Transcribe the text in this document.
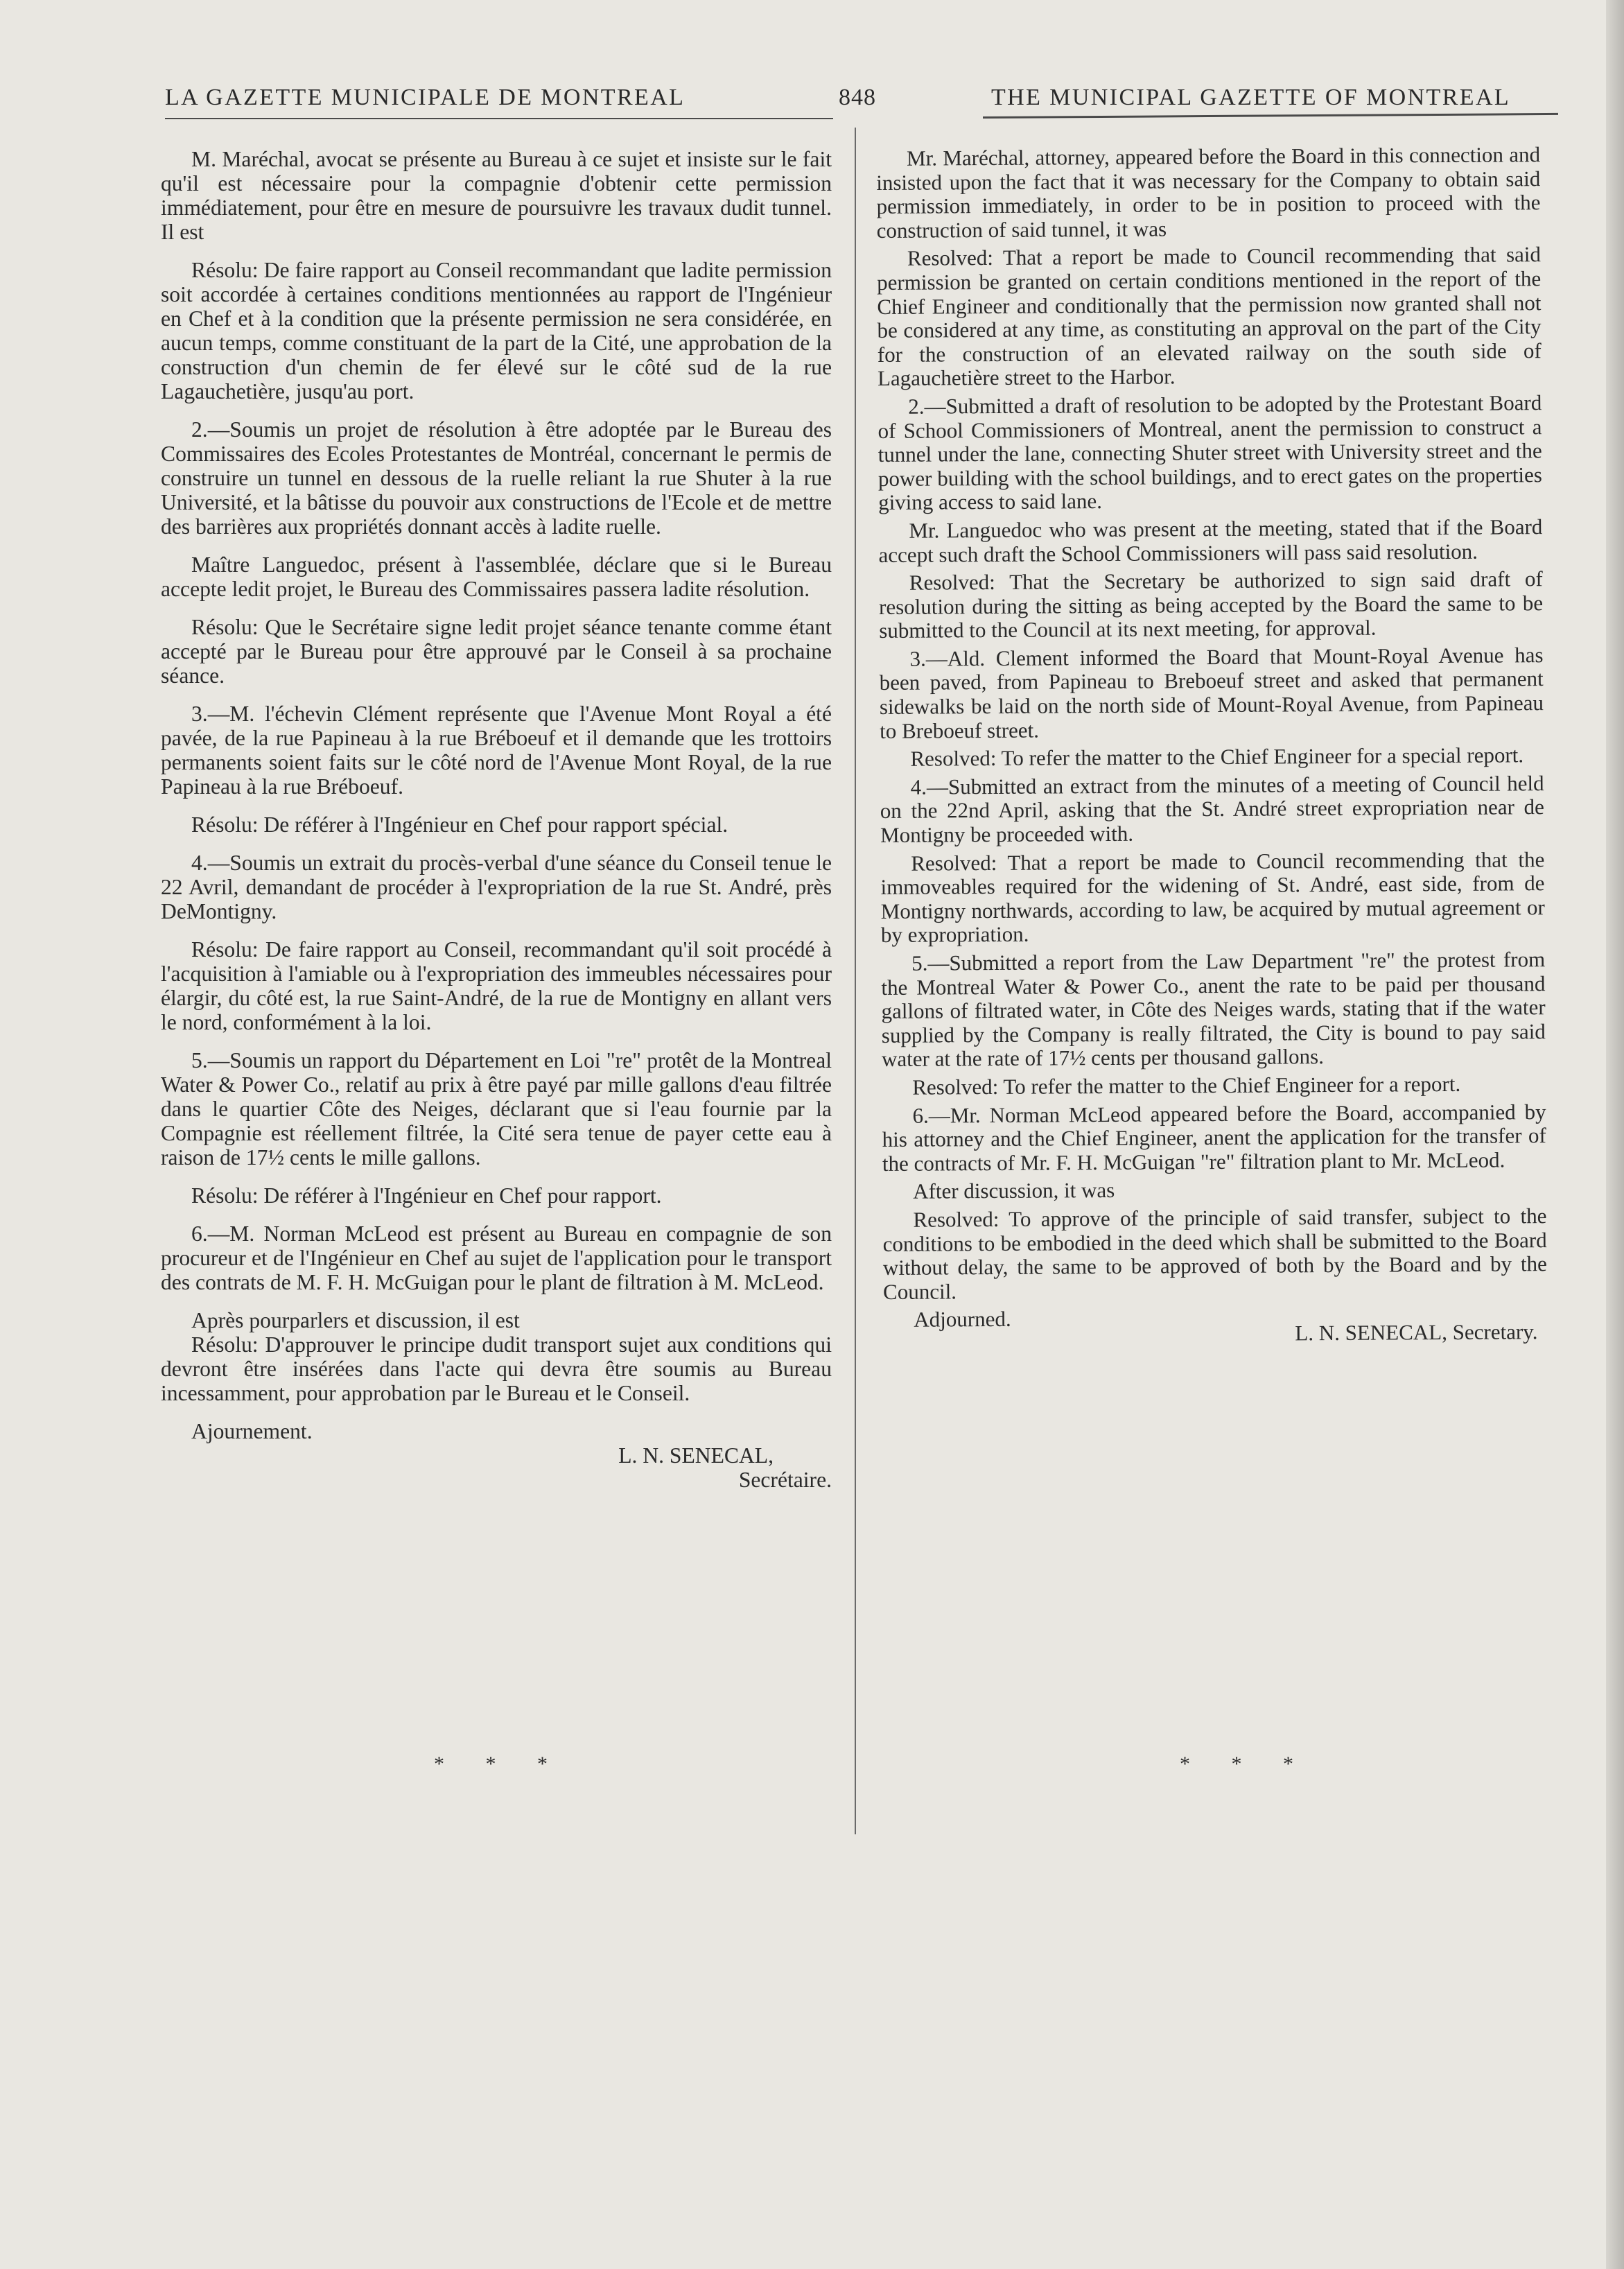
LA GAZETTE MUNICIPALE DE MONTREAL	848	THE MUNICIPAL GAZETTE OF MONTREAL

M. Maréchal, avocat se présente au Bureau à ce sujet et insiste sur le fait qu'il est nécessaire pour la compagnie d'obtenir cette permission immédiatement, pour être en mesure de poursuivre les travaux dudit tunnel. Il est

Résolu: De faire rapport au Conseil recommandant que ladite permission soit accordée à certaines conditions mentionnées au rapport de l'Ingénieur en Chef et à la condition que la présente permission ne sera considérée, en aucun temps, comme constituant de la part de la Cité, une approbation de la construction d'un chemin de fer élevé sur le côté sud de la rue Lagauchetière, jusqu'au port.

2.—Soumis un projet de résolution à être adoptée par le Bureau des Commissaires des Ecoles Protestantes de Montréal, concernant le permis de construire un tunnel en dessous de la ruelle reliant la rue Shuter à la rue Université, et la bâtisse du pouvoir aux constructions de l'Ecole et de mettre des barrières aux propriétés donnant accès à ladite ruelle.

Maître Languedoc, présent à l'assemblée, déclare que si le Bureau accepte ledit projet, le Bureau des Commissaires passera ladite résolution.

Résolu: Que le Secrétaire signe ledit projet séance tenante comme étant accepté par le Bureau pour être approuvé par le Conseil à sa prochaine séance.

3.—M. l'échevin Clément représente que l'Avenue Mont Royal a été pavée, de la rue Papineau à la rue Bréboeuf et il demande que les trottoirs permanents soient faits sur le côté nord de l'Avenue Mont Royal, de la rue Papineau à la rue Bréboeuf.

Résolu: De référer à l'Ingénieur en Chef pour rapport spécial.

4.—Soumis un extrait du procès-verbal d'une séance du Conseil tenue le 22 Avril, demandant de procéder à l'expropriation de la rue St. André, près DeMontigny.

Résolu: De faire rapport au Conseil, recommandant qu'il soit procédé à l'acquisition à l'amiable ou à l'expropriation des immeubles nécessaires pour élargir, du côté est, la rue Saint-André, de la rue de Montigny en allant vers le nord, conformément à la loi.

5.—Soumis un rapport du Département en Loi "re" protêt de la Montreal Water & Power Co., relatif au prix à être payé par mille gallons d'eau filtrée dans le quartier Côte des Neiges, déclarant que si l'eau fournie par la Compagnie est réellement filtrée, la Cité sera tenue de payer cette eau à raison de 17½ cents le mille gallons.

Résolu: De référer à l'Ingénieur en Chef pour rapport.

6.—M. Norman McLeod est présent au Bureau en compagnie de son procureur et de l'Ingénieur en Chef au sujet de l'application pour le transport des contrats de M. F. H. McGuigan pour le plant de filtration à M. McLeod.

Après pourparlers et discussion, il est

Résolu: D'approuver le principe dudit transport sujet aux conditions qui devront être insérées dans l'acte qui devra être soumis au Bureau incessamment, pour approbation par le Bureau et le Conseil.

Ajournement.

L. N. SENECAL,
Secrétaire.
* * *

Mr. Maréchal, attorney, appeared before the Board in this connection and insisted upon the fact that it was necessary for the Company to obtain said permission immediately, in order to be in position to proceed with the construction of said tunnel, it was

Resolved: That a report be made to Council recommending that said permission be granted on certain conditions mentioned in the report of the Chief Engineer and conditionally that the permission now granted shall not be considered at any time, as constituting an approval on the part of the City for the construction of an elevated railway on the south side of Lagauchetière street to the Harbor.

2.—Submitted a draft of resolution to be adopted by the Protestant Board of School Commissioners of Montreal, anent the permission to construct a tunnel under the lane, connecting Shuter street with University street and the power building with the school buildings, and to erect gates on the properties giving access to said lane.

Mr. Languedoc who was present at the meeting, stated that if the Board accept such draft the School Commissioners will pass said resolution.

Resolved: That the Secretary be authorized to sign said draft of resolution during the sitting as being accepted by the Board the same to be submitted to the Council at its next meeting, for approval.

3.—Ald. Clement informed the Board that Mount-Royal Avenue has been paved, from Papineau to Breboeuf street and asked that permanent sidewalks be laid on the north side of Mount-Royal Avenue, from Papineau to Breboeuf street.

Resolved: To refer the matter to the Chief Engineer for a special report.

4.—Submitted an extract from the minutes of a meeting of Council held on the 22nd April, asking that the St. André street expropriation near de Montigny be proceeded with.

Resolved: That a report be made to Council recommending that the immoveables required for the widening of St. André, east side, from de Montigny northwards, according to law, be acquired by mutual agreement or by expropriation.

5.—Submitted a report from the Law Department "re" the protest from the Montreal Water & Power Co., anent the rate to be paid per thousand gallons of filtrated water, in Côte des Neiges wards, stating that if the water supplied by the Company is really filtrated, the City is bound to pay said water at the rate of 17½ cents per thousand gallons.

Resolved: To refer the matter to the Chief Engineer for a report.

6.—Mr. Norman McLeod appeared before the Board, accompanied by his attorney and the Chief Engineer, anent the application for the transfer of the contracts of Mr. F. H. McGuigan "re" filtration plant to Mr. McLeod.

After discussion, it was

Resolved: To approve of the principle of said transfer, subject to the conditions to be embodied in the deed which shall be submitted to the Board without delay, the same to be approved of both by the Board and by the Council.

Adjourned.

L. N. SENECAL, Secretary.

* * *
